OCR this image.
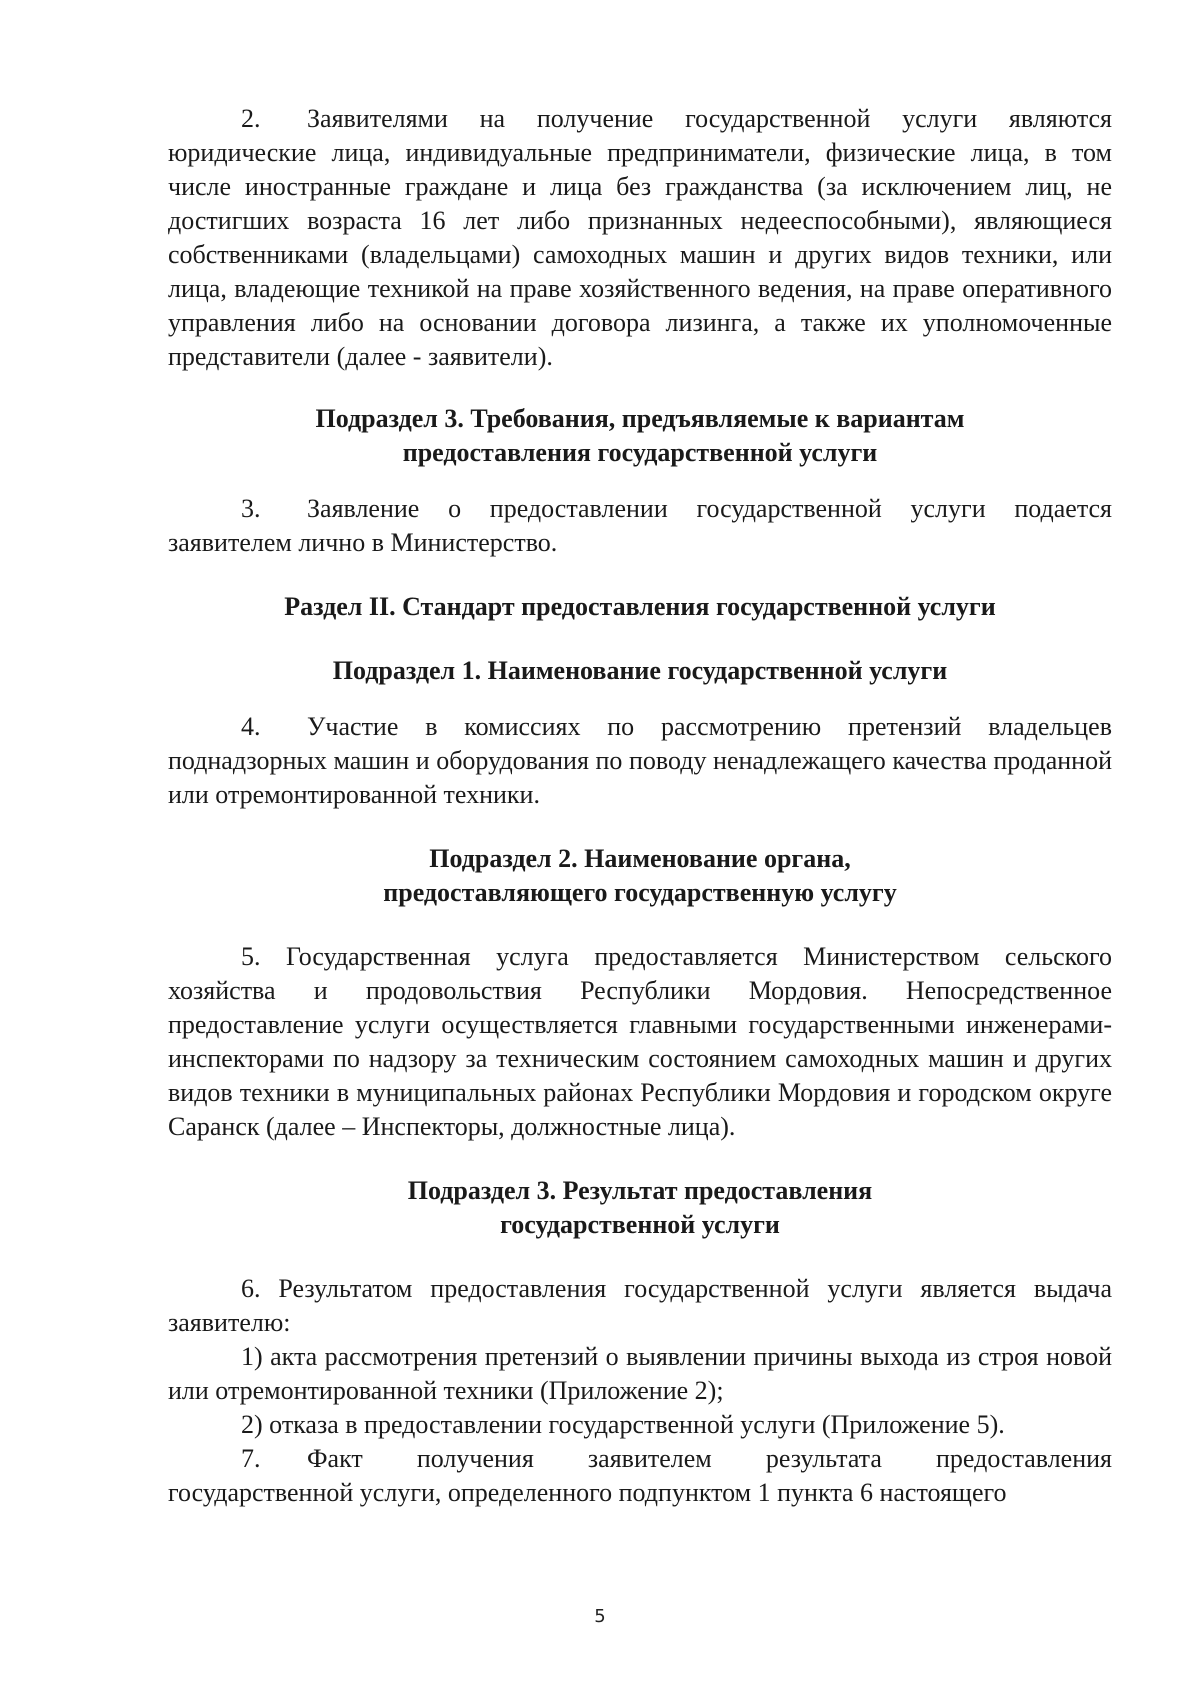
2. Заявителями на получение государственной услуги являются юридические лица, индивидуальные предприниматели, физические лица, в том числе иностранные граждане и лица без гражданства (за исключением лиц, не достигших возраста 16 лет либо признанных недееспособными), являющиеся собственниками (владельцами) самоходных машин и других видов техники, или лица, владеющие техникой на праве хозяйственного ведения, на праве оперативного управления либо на основании договора лизинга, а также их уполномоченные представители (далее - заявители).

Подраздел 3. Требования, предъявляемые к вариантам
предоставления государственной услуги

3. Заявление о предоставлении государственной услуги подается заявителем лично в Министерство.

Раздел II. Стандарт предоставления государственной услуги
Подраздел 1. Наименование государственной услуги

4. Участие в комиссиях по рассмотрению претензий владельцев поднадзорных машин и оборудования по поводу ненадлежащего качества проданной или отремонтированной техники.

Подраздел 2. Наименование органа,
предоставляющего государственную услугу

5. Государственная услуга предоставляется Министерством сельского хозяйства и продовольствия Республики Мордовия. Непосредственное предоставление услуги осуществляется главными государственными инженерами-инспекторами по надзору за техническим состоянием самоходных машин и других видов техники в муниципальных районах Республики Мордовия и городском округе Саранск (далее – Инспекторы, должностные лица).

Подраздел 3. Результат предоставления
государственной услуги

6. Результатом предоставления государственной услуги является выдача заявителю:

1) акта рассмотрения претензий о выявлении причины выхода из строя новой или отремонтированной техники (Приложение 2);

2) отказа в предоставлении государственной услуги (Приложение 5).

7. Факт получения заявителем результата предоставления государственной услуги, определенного подпунктом 1 пункта 6 настоящего

5
